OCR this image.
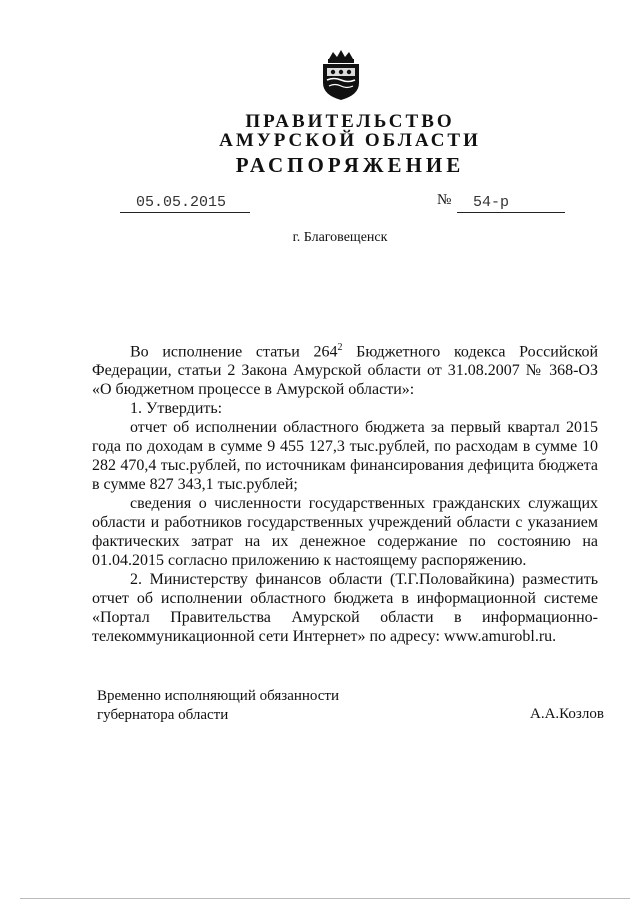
ПРАВИТЕЛЬСТВО
АМУРСКОЙ ОБЛАСТИ
РАСПОРЯЖЕНИЕ
05.05.2015	№	54-р
г. Благовещенск

Во исполнение статьи $264^2$ Бюджетного кодекса Российской Федерации, статьи 2 Закона Амурской области от 31.08.2007 № 368-ОЗ «О бюджетном процессе в Амурской области»:

1. Утвердить:

отчет об исполнении областного бюджета за первый квартал 2015 года по доходам в сумме 9 455 127,3 тыс.рублей, по расходам в сумме 10 282 470,4 тыс.рублей, по источникам финансирования дефицита бюджета в сумме 827 343,1 тыс.рублей;

сведения о численности государственных гражданских служащих области и работников государственных учреждений области с указанием фактических затрат на их денежное содержание по состоянию на 01.04.2015 согласно приложению к настоящему распоряжению.

2. Министерству финансов области (Т.Г.Половайкина) разместить отчет об исполнении областного бюджета в информационной системе «Портал Правительства Амурской области в информационно-телекоммуникационной сети Интернет» по адресу: www.amurobl.ru.

Временно исполняющий обязанности
губернатора области	А.А.Козлов
